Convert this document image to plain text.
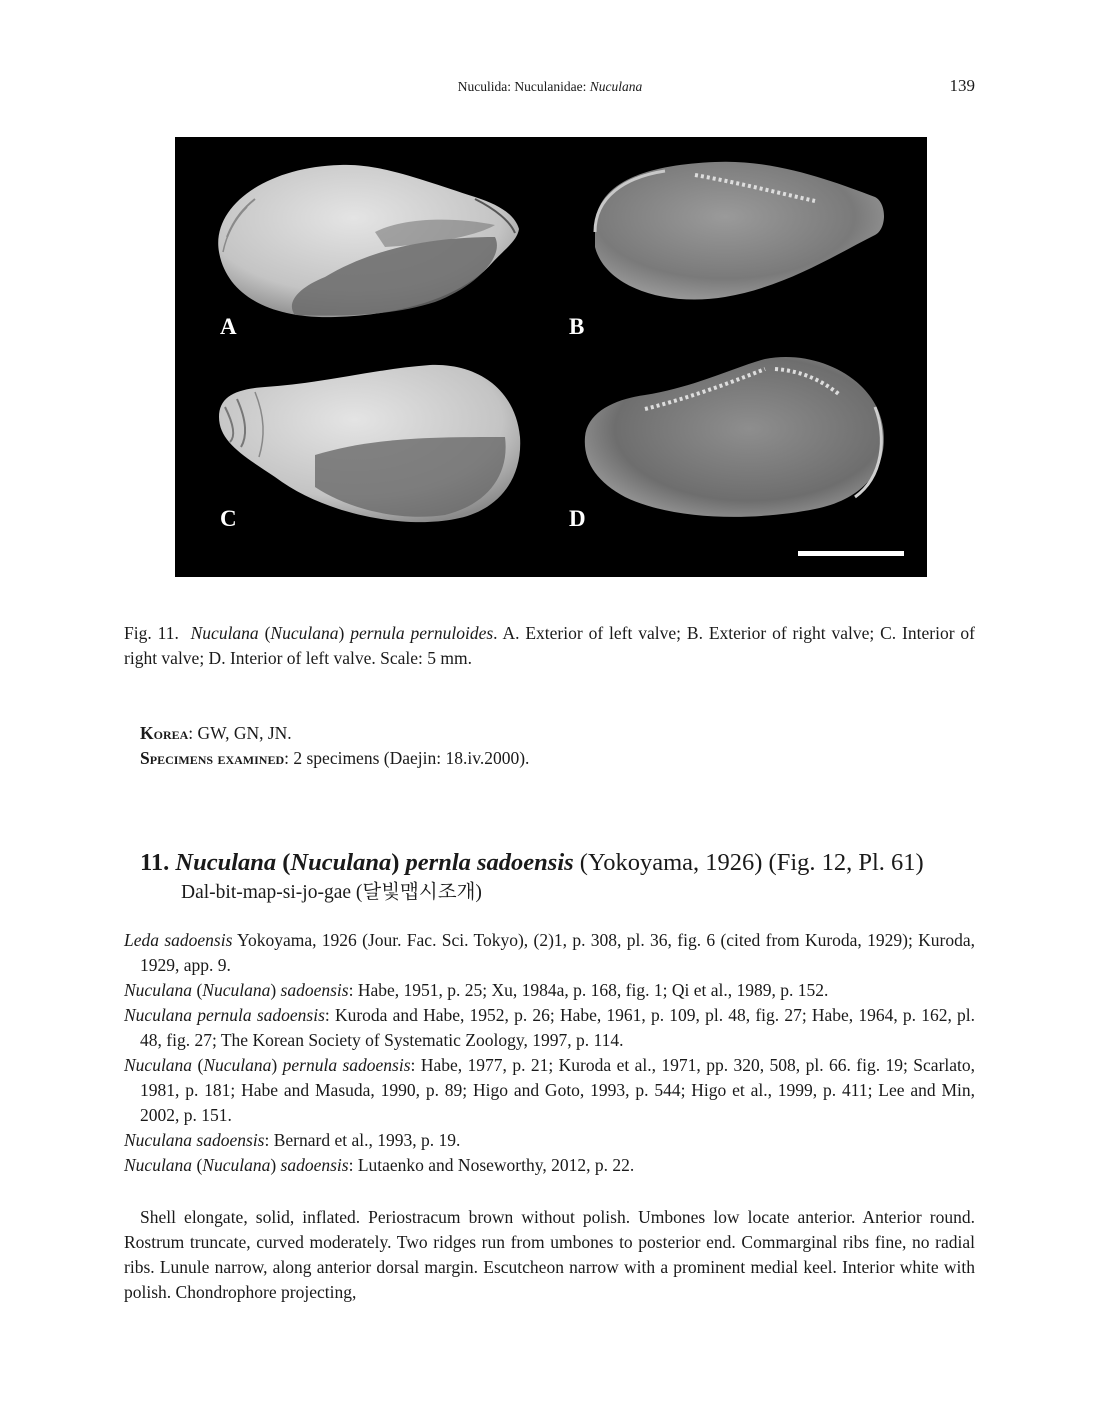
Nuculida: Nuculanidae: Nuculana	139
A	B
C	D
Fig. 11. Nuculana (Nuculana) pernula pernuloides. A. Exterior of left valve; B. Exterior of right valve; C. Interior of right valve; D. Interior of left valve. Scale: 5 mm.
Korea: GW, GN, JN.
Specimens examined: 2 specimens (Daejin: 18.iv.2000).
11. Nuculana (Nuculana) pernla sadoensis (Yokoyama, 1926) (Fig. 12, Pl. 61)
Dal-bit-map-si-jo-gae (달빛맵시조개)

Leda sadoensis Yokoyama, 1926 (Jour. Fac. Sci. Tokyo), (2)1, p. 308, pl. 36, fig. 6 (cited from Kuroda, 1929); Kuroda, 1929, app. 9.

Nuculana (Nuculana) sadoensis: Habe, 1951, p. 25; Xu, 1984a, p. 168, fig. 1; Qi et al., 1989, p. 152.

Nuculana pernula sadoensis: Kuroda and Habe, 1952, p. 26; Habe, 1961, p. 109, pl. 48, fig. 27; Habe, 1964, p. 162, pl. 48, fig. 27; The Korean Society of Systematic Zoology, 1997, p. 114.

Nuculana (Nuculana) pernula sadoensis: Habe, 1977, p. 21; Kuroda et al., 1971, pp. 320, 508, pl. 66. fig. 19; Scarlato, 1981, p. 181; Habe and Masuda, 1990, p. 89; Higo and Goto, 1993, p. 544; Higo et al., 1999, p. 411; Lee and Min, 2002, p. 151.

Nuculana sadoensis: Bernard et al., 1993, p. 19.

Nuculana (Nuculana) sadoensis: Lutaenko and Noseworthy, 2012, p. 22.

Shell elongate, solid, inflated. Periostracum brown without polish. Umbones low locate anterior. Anterior round. Rostrum truncate, curved moderately. Two ridges run from umbones to posterior end. Commarginal ribs fine, no radial ribs. Lunule narrow, along anterior dorsal margin. Escutcheon narrow with a prominent medial keel. Interior white with polish. Chondrophore projecting,
